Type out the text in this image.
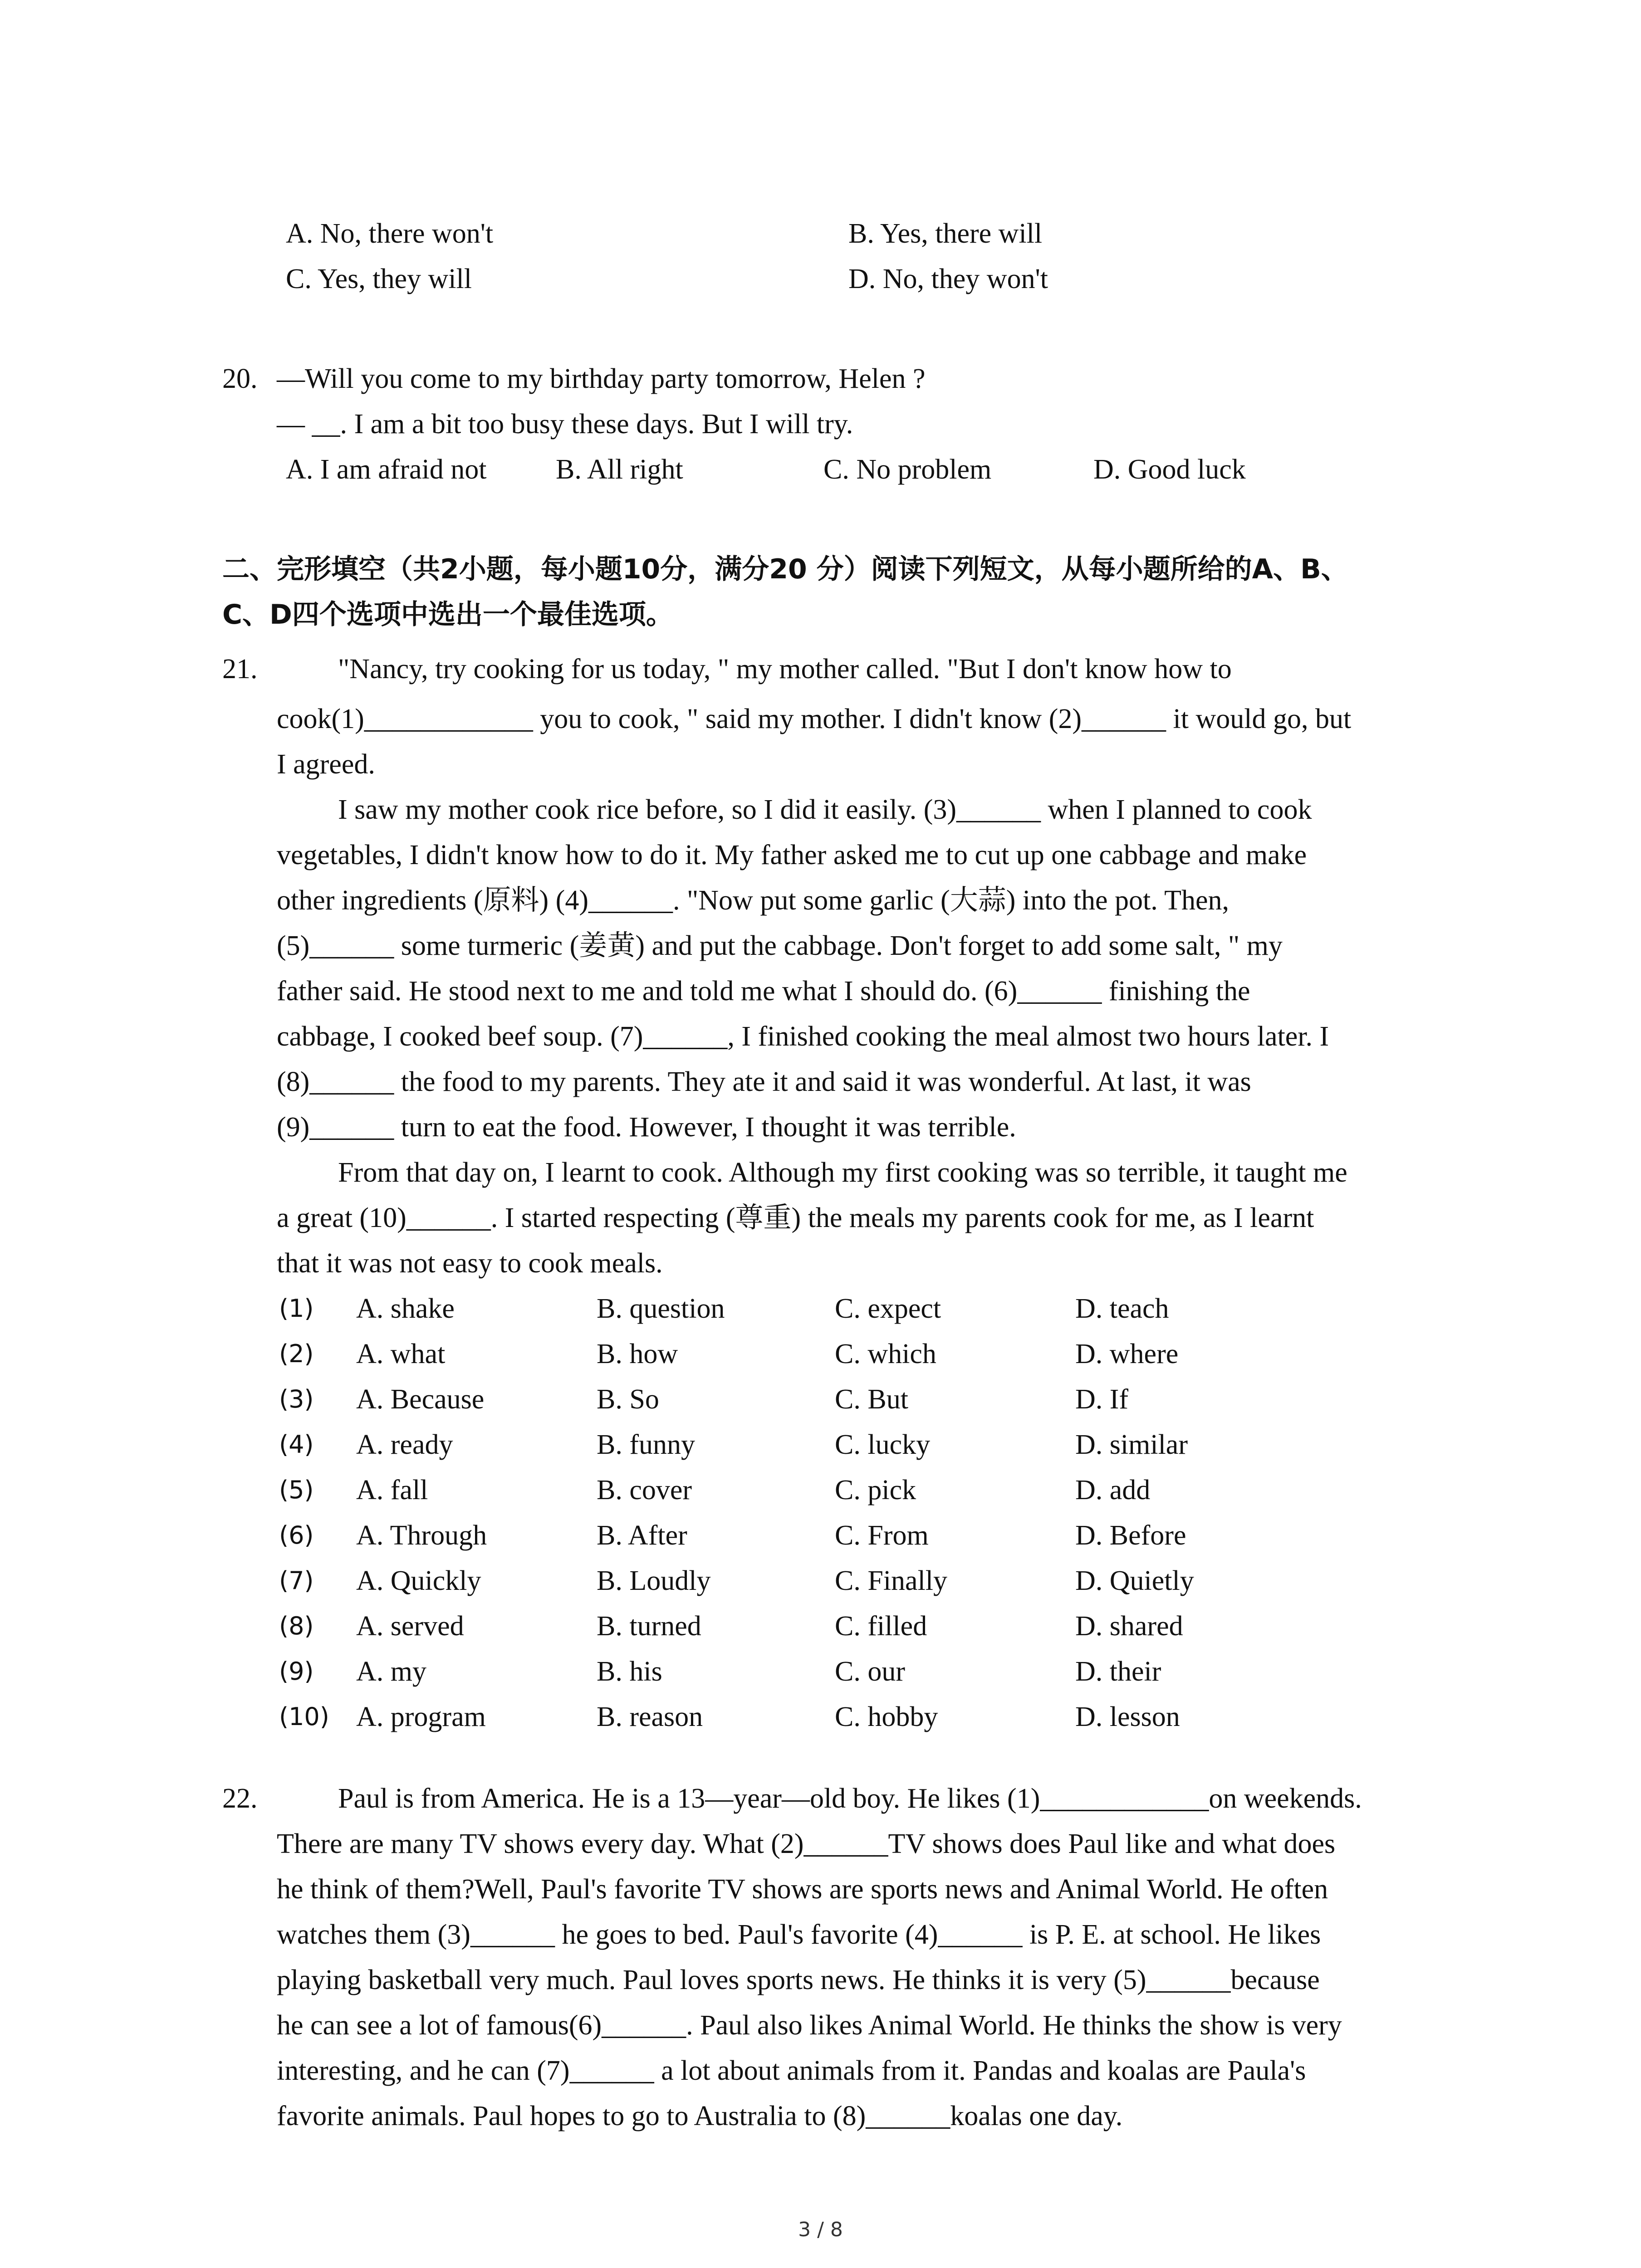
A. No, there won't	B. Yes, there will
C. Yes, they will	D. No, they won't
20. —Will you come to my birthday party tomorrow, Helen ?
— __. I am a bit too busy these days. But I will try.
A. I am afraid not B. All right	C. No problem	D. Good luck
二、完形填空（共2小题，每小题10分，满分20 分）阅读下列短文，从每小题所给的A、B、
C、D四个选项中选出一个最佳选项。
21.	"Nancy, try cooking for us today, " my mother called. "But I don't know how to
cook(1)____________ you to cook, " said my mother. I didn't know (2)______ it would go, but
I agreed.
I saw my mother cook rice before, so I did it easily. (3)______ when I planned to cook
vegetables, I didn't know how to do it. My father asked me to cut up one cabbage and make
other ingredients (原料) (4)______. "Now put some garlic (大蒜) into the pot. Then,
(5)______ some turmeric (姜黄) and put the cabbage. Don't forget to add some salt, " my
father said. He stood next to me and told me what I should do. (6)______ finishing the
cabbage, I cooked beef soup. (7)______, I finished cooking the meal almost two hours later. I
(8)______ the food to my parents. They ate it and said it was wonderful. At last, it was
(9)______ turn to eat the food. However, I thought it was terrible.
From that day on, I learnt to cook. Although my first cooking was so terrible, it taught me
a great (10)______. I started respecting (尊重) the meals my parents cook for me, as I learnt
that it was not easy to cook meals.
(1) A. shake	B. question	C. expect	D. teach
(2) A. what	B. how	C. which	D. where
(3) A. Because	B. So	C. But	D. If
(4) A. ready	B. funny	C. lucky	D. similar
(5) A. fall	B. cover	C. pick	D. add
(6) A. Through	B. After	C. From	D. Before
(7) A. Quickly	B. Loudly	C. Finally	D. Quietly
(8) A. served	B. turned	C. filled	D. shared
(9) A. my	B. his	C. our	D. their
(10) A. program	B. reason	C. hobby	D. lesson
22.	Paul is from America. He is a 13—year—old boy. He likes (1)____________on weekends.
There are many TV shows every day. What (2)______TV shows does Paul like and what does
he think of them?Well, Paul's favorite TV shows are sports news and Animal World. He often
watches them (3)______ he goes to bed. Paul's favorite (4)______ is P. E. at school. He likes
playing basketball very much. Paul loves sports news. He thinks it is very (5)______because
he can see a lot of famous(6)______. Paul also likes Animal World. He thinks the show is very
interesting, and he can (7)______ a lot about animals from it. Pandas and koalas are Paula's
favorite animals. Paul hopes to go to Australia to (8)______koalas one day.
3 / 8
